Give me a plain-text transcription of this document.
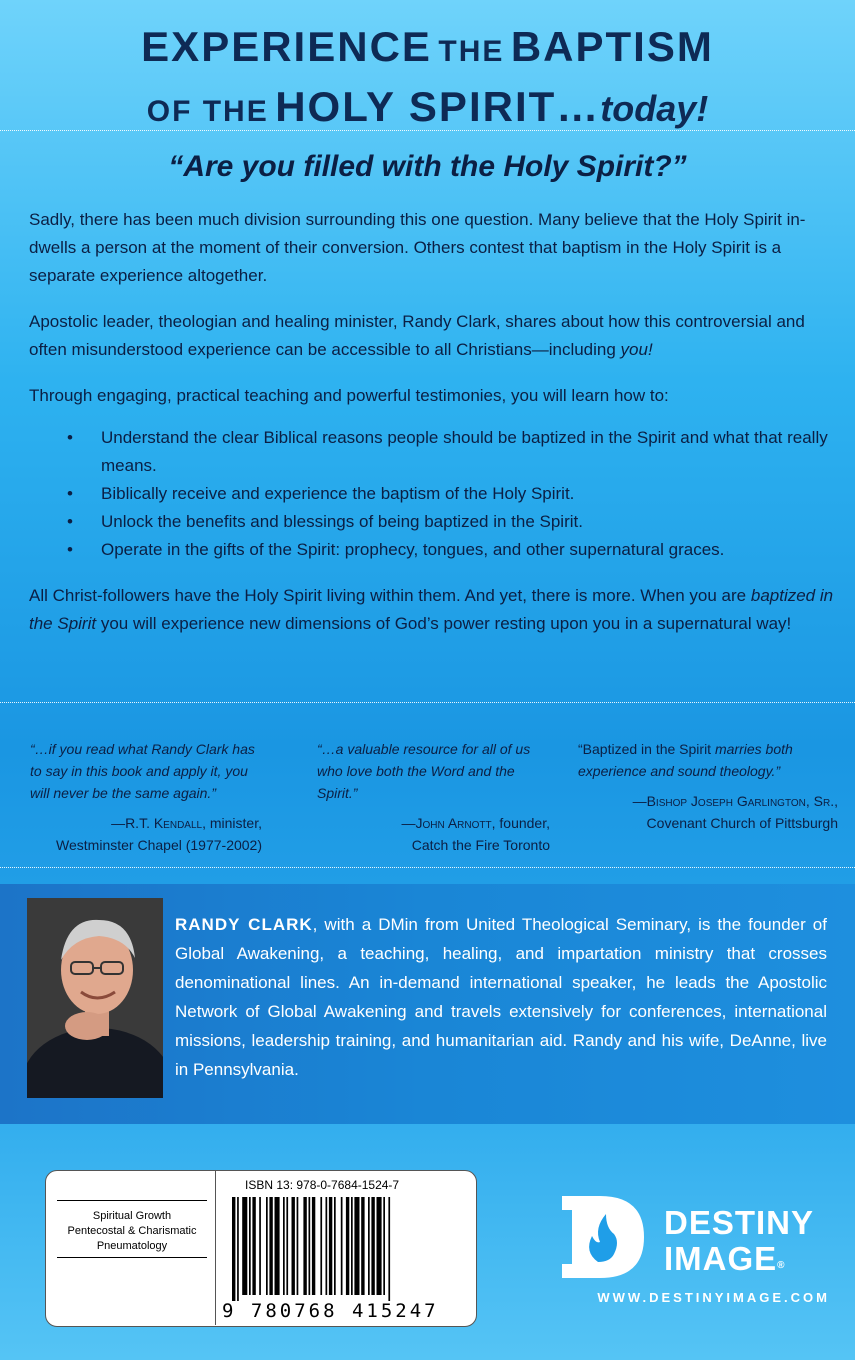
EXPERIENCE THE BAPTISM
OF THE HOLY SPIRIT…today!
“Are you filled with the Holy Spirit?”

Sadly, there has been much division surrounding this one question. Many believe that the Holy Spirit in-dwells a person at the moment of their conversion. Others contest that baptism in the Holy Spirit is a separate experience altogether.

Apostolic leader, theologian and healing minister, Randy Clark, shares about how this controversial and often misunderstood experience can be accessible to all Christians—including you!

Through engaging, practical teaching and powerful testimonies, you will learn how to:

• Understand the clear Biblical reasons people should be baptized in the Spirit and what that really means.
• Biblically receive and experience the baptism of the Holy Spirit.
• Unlock the benefits and blessings of being baptized in the Spirit.
• Operate in the gifts of the Spirit: prophecy, tongues, and other supernatural graces.

All Christ-followers have the Holy Spirit living within them. And yet, there is more. When you are baptized in the Spirit you will experience new dimensions of God’s power resting upon you in a supernatural way!

“…if you read what Randy Clark has to say in this book and apply it, you will never be the same again.”
—R.T. Kendall, minister,
Westminster Chapel (1977-2002)
“…a valuable resource for all of us who love both the Word and the Spirit.”
—John Arnott, founder,
Catch the Fire Toronto
“Baptized in the Spirit marries both experience and sound theology.”
—Bishop Joseph Garlington, Sr.,
Covenant Church of Pittsburgh
RANDY CLARK, with a DMin from United Theological Seminary, is the founder of Global Awakening, a teaching, healing, and impartation ministry that crosses denominational lines. An in-demand international speaker, he leads the Apostolic Network of Global Awakening and travels extensively for conferences, international missions, leadership training, and humanitarian aid. Randy and his wife, DeAnne, live in Pennsylvania.
Spiritual Growth
Pentecostal & Charismatic
Pneumatology
ISBN 13: 978-0-7684-1524-7
9 780768 415247
DESTINY
IMAGE®
WWW.DESTINYIMAGE.COM
